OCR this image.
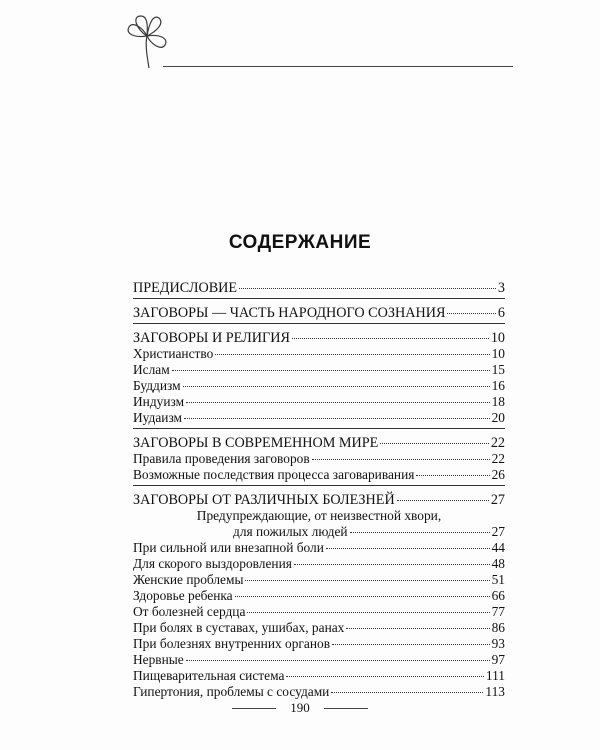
СОДЕРЖАНИЕ
ПРЕДИСЛОВИЕ	3
ЗАГОВОРЫ — ЧАСТЬ НАРОДНОГО СОЗНАНИЯ	6
ЗАГОВОРЫ И РЕЛИГИЯ	10
Христианство	10
Ислам	15
Буддизм	16
Индуизм	18
Иудаизм	20
ЗАГОВОРЫ В СОВРЕМЕННОМ МИРЕ	22
Правила проведения заговоров	22
Возможные последствия процесса заговаривания	26
ЗАГОВОРЫ ОТ РАЗЛИЧНЫХ БОЛЕЗНЕЙ	27
Предупреждающие, от неизвестной хвори,
для пожилых людей	27
При сильной или внезапной боли	44
Для скорого выздоровления	48
Женские проблемы	51
Здоровье ребенка	66
От болезней сердца	77
При болях в суставах, ушибах, ранах	86
При болезнях внутренних органов	93
Нервные	97
Пищеварительная система	111
Гипертония, проблемы с сосудами	113
190
